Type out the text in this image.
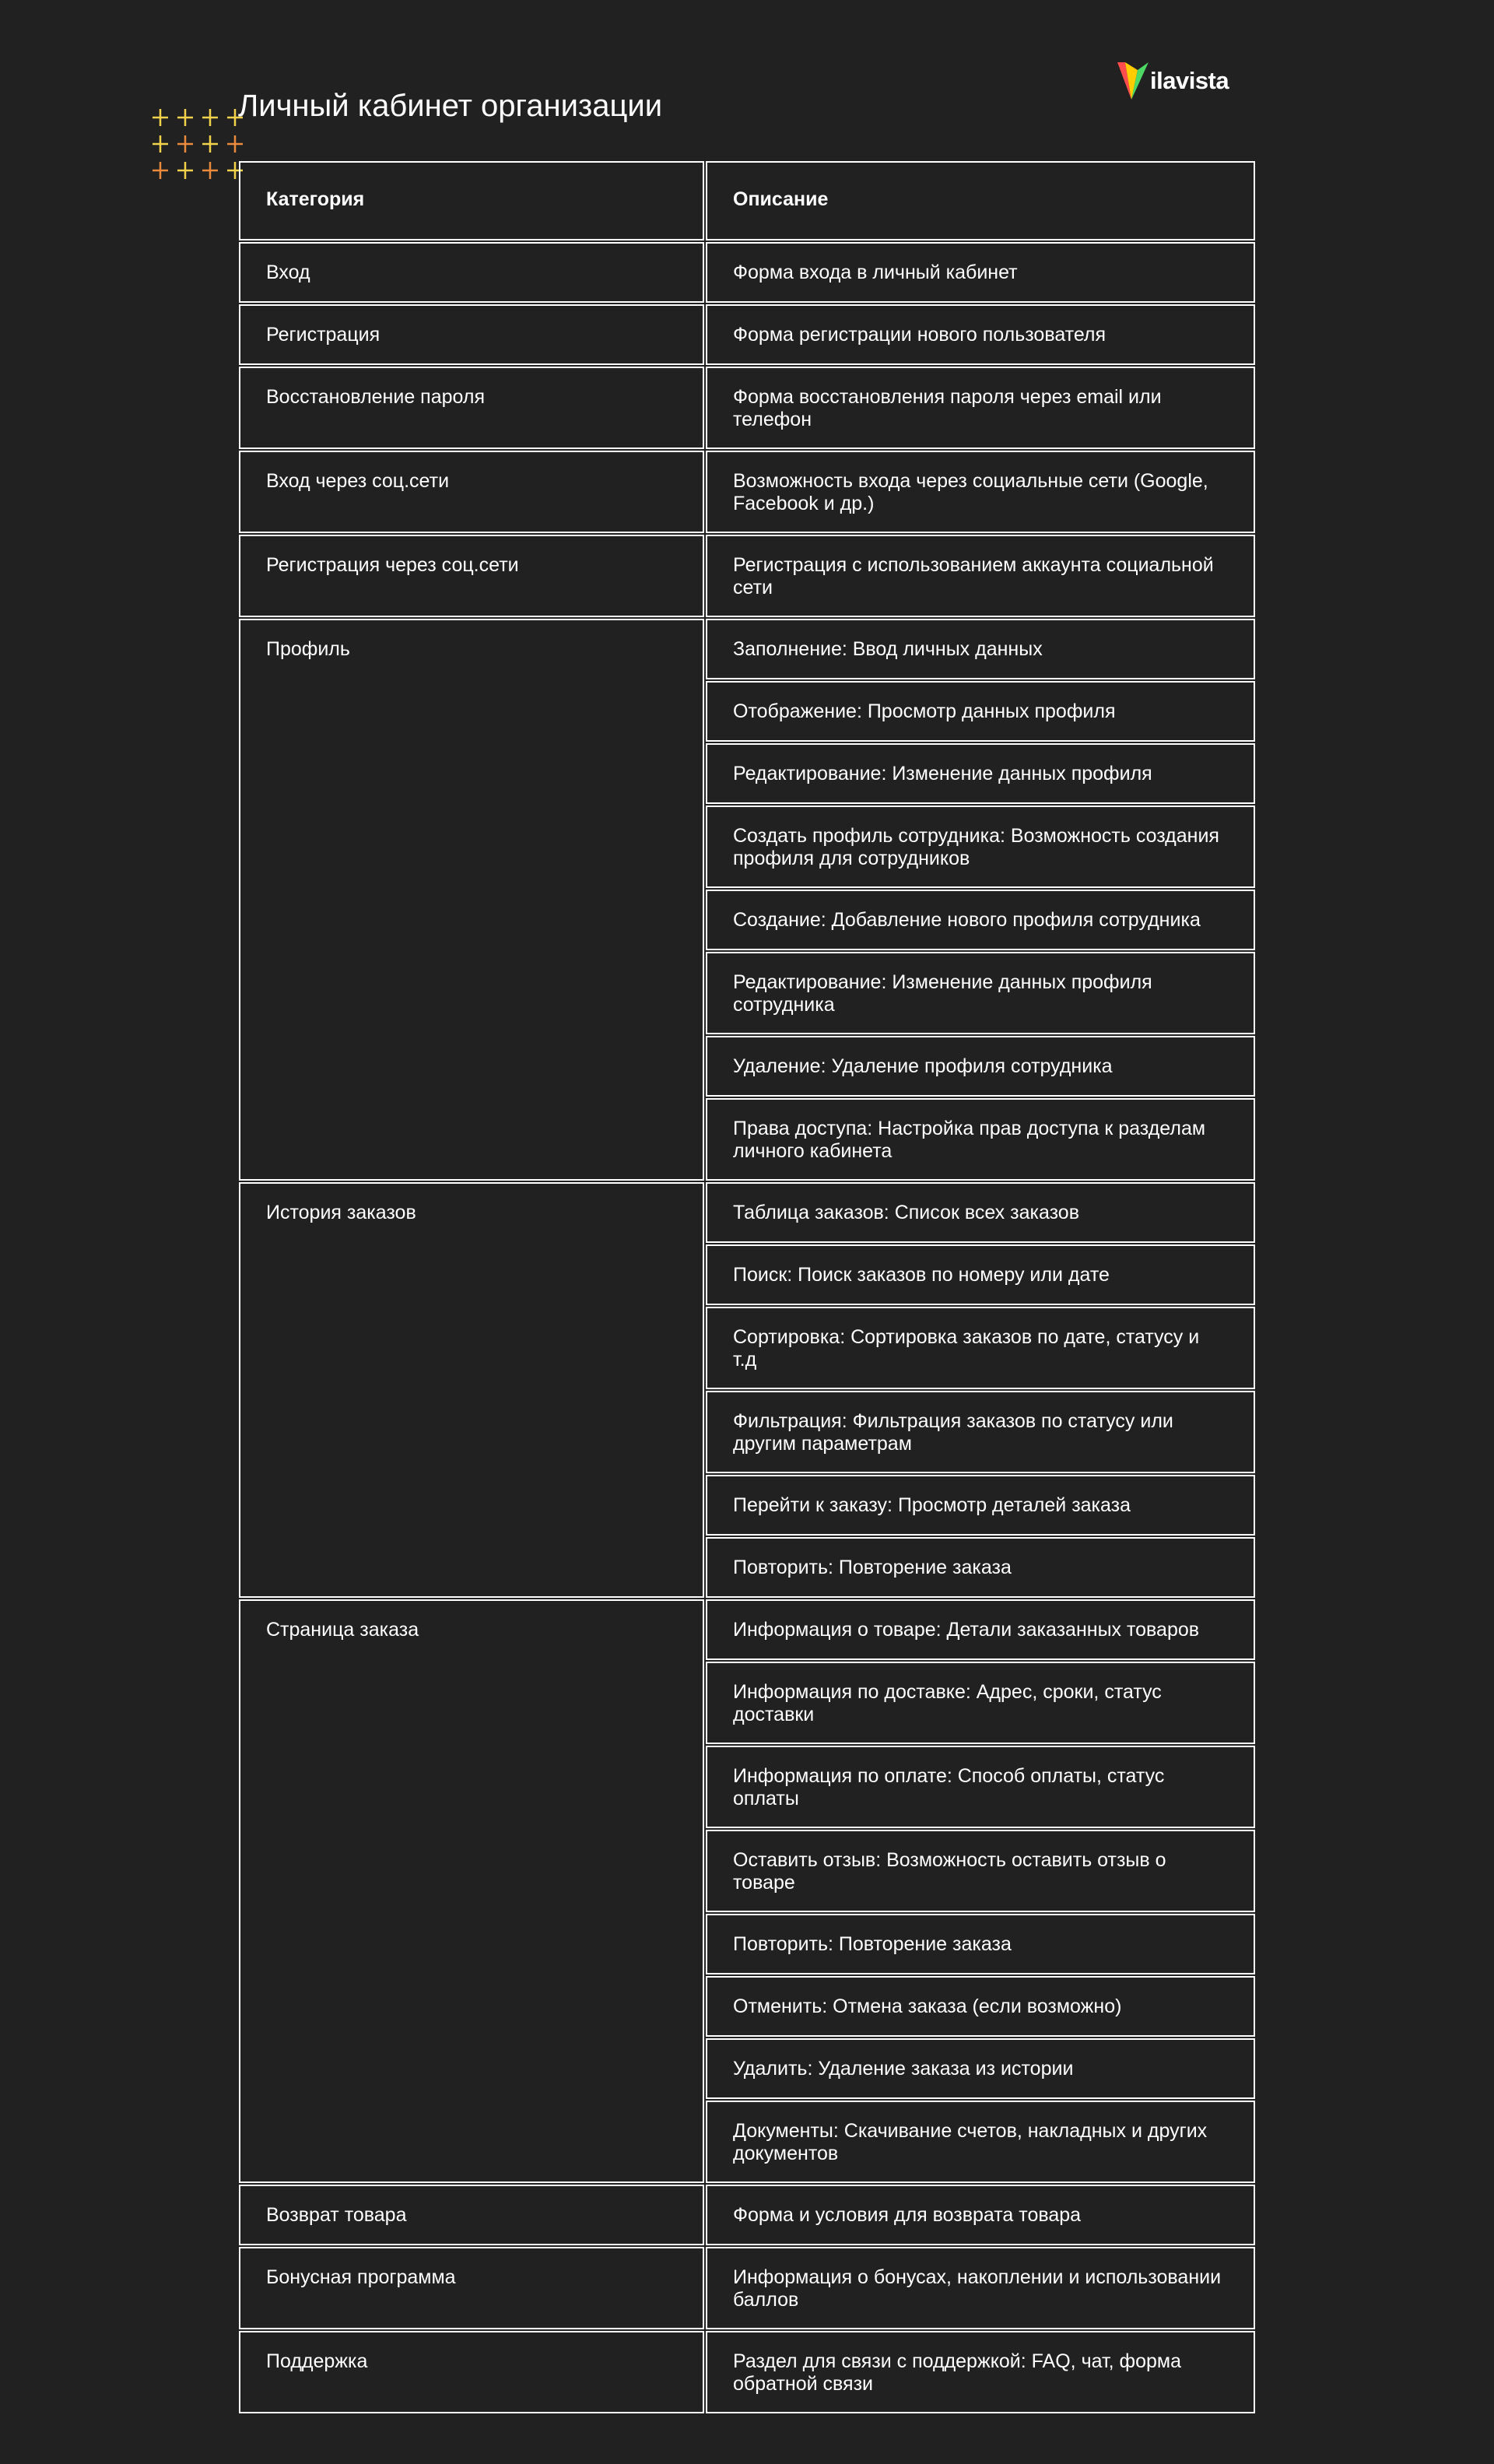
Личный кабинет организации
ilavista
Категория	Описание
Вход	Форма входа в личный кабинет
Регистрация	Форма регистрации нового пользователя
Восстановление пароля	Форма восстановления пароля через email или телефон
Вход через соц.сети	Возможность входа через социальные сети (Google, Facebook и др.)
Регистрация через соц.сети	Регистрация с использованием аккаунта социальной сети
Профиль	Заполнение: Ввод личных данных
	Отображение: Просмотр данных профиля
	Редактирование: Изменение данных профиля
	Создать профиль сотрудника: Возможность создания профиля для сотрудников
	Создание: Добавление нового профиля сотрудника
	Редактирование: Изменение данных профиля сотрудника
	Удаление: Удаление профиля сотрудника
	Права доступа: Настройка прав доступа к разделам личного кабинета
История заказов	Таблица заказов: Список всех заказов
	Поиск: Поиск заказов по номеру или дате
	Сортировка: Сортировка заказов по дате, статусу и т.д
	Фильтрация: Фильтрация заказов по статусу или другим параметрам
	Перейти к заказу: Просмотр деталей заказа
	Повторить: Повторение заказа
Страница заказа	Информация о товаре: Детали заказанных товаров
	Информация по доставке: Адрес, сроки, статус доставки
	Информация по оплате: Способ оплаты, статус оплаты
	Оставить отзыв: Возможность оставить отзыв о товаре
	Повторить: Повторение заказа
	Отменить: Отмена заказа (если возможно)
	Удалить: Удаление заказа из истории
	Документы: Скачивание счетов, накладных и других документов
Возврат товара	Форма и условия для возврата товара
Бонусная программа	Информация о бонусах, накоплении и использовании баллов
Поддержка	Раздел для связи с поддержкой: FAQ, чат, форма обратной связи
